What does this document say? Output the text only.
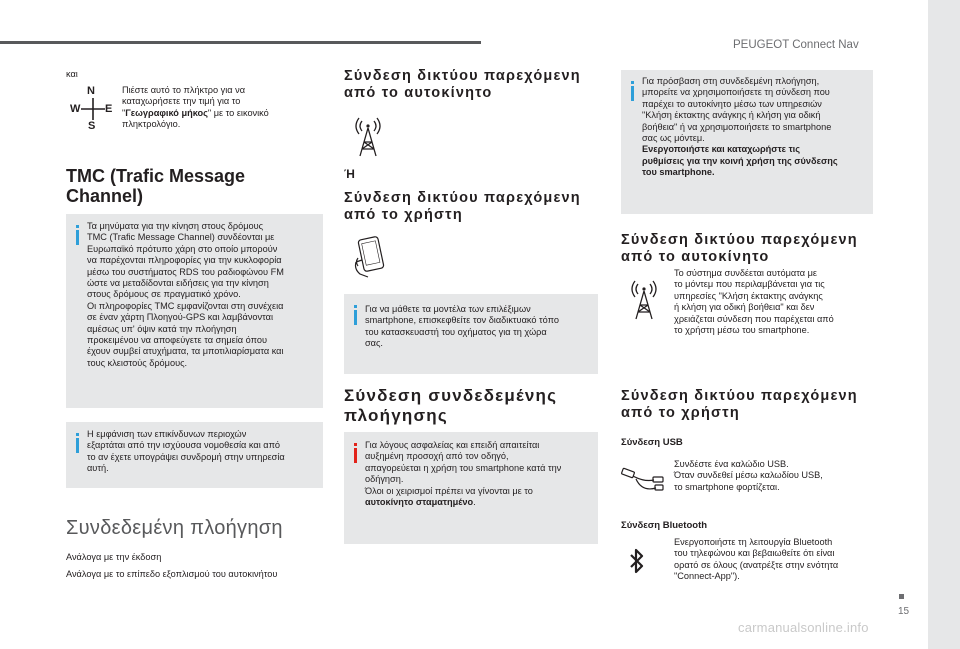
PEUGEOT Connect Nav
15
carmanualsonline.info
και
N
W E
S
Πιέστε αυτό το πλήκτρο για να
καταχωρήσετε την τιμή για το
"Γεωγραφικό μήκος" με το εικονικό
πληκτρολόγιο.
TMC (Trafic Message
Channel)
Τα μηνύματα για την κίνηση στους δρόμους
TMC (Trafic Message Channel) συνδέονται με
Ευρωπαϊκό πρότυπο χάρη στο οποίο μπορούν
να παρέχονται πληροφορίες για την κυκλοφορία
μέσω του συστήματος RDS του ραδιοφώνου FM
ώστε να μεταδίδονται ειδήσεις για την κίνηση
στους δρόμους σε πραγματικό χρόνο.
Οι πληροφορίες TMC εμφανίζονται στη συνέχεια
σε έναν χάρτη Πλοηγού-GPS και λαμβάνονται
αμέσως υπ' όψιν κατά την πλοήγηση
προκειμένου να αποφεύγετε τα σημεία όπου
έχουν συμβεί ατυχήματα, τα μποτιλιαρίσματα και
τους κλειστούς δρόμους.
Η εμφάνιση των επικίνδυνων περιοχών
εξαρτάται από την ισχύουσα νομοθεσία και από
το αν έχετε υπογράψει συνδρομή στην υπηρεσία
αυτή.
Συνδεδεμένη πλοήγηση
Ανάλογα με την έκδοση
Ανάλογα με το επίπεδο εξοπλισμού του αυτοκινήτου
Σύνδεση δικτύου παρεχόμενη
από το αυτοκίνητο
Ή
Σύνδεση δικτύου παρεχόμενη
από το χρήστη
Για να μάθετε τα μοντέλα των επιλέξιμων
smartphone, επισκεφθείτε τον διαδικτυακό τόπο
του κατασκευαστή του οχήματος για τη χώρα
σας.
Σύνδεση συνδεδεμένης
πλοήγησης
Για λόγους ασφαλείας και επειδή απαιτείται
αυξημένη προσοχή από τον οδηγό,
απαγορεύεται η χρήση του smartphone κατά την
οδήγηση.
Όλοι οι χειρισμοί πρέπει να γίνονται με το
αυτοκίνητο σταματημένο.
Για πρόσβαση στη συνδεδεμένη πλοήγηση,
μπορείτε να χρησιμοποιήσετε τη σύνδεση που
παρέχει το αυτοκίνητο μέσω των υπηρεσιών
"Κλήση έκτακτης ανάγκης ή κλήση για οδική
βοήθεια" ή να χρησιμοποιήσετε το smartphone
σας ως μόντεμ.
Ενεργοποιήστε και καταχωρήστε τις
ρυθμίσεις για την κοινή χρήση της σύνδεσης
του smartphone.
Σύνδεση δικτύου παρεχόμενη
από το αυτοκίνητο
Το σύστημα συνδέεται αυτόματα με
το μόντεμ που περιλαμβάνεται για τις
υπηρεσίες "Κλήση έκτακτης ανάγκης
ή κλήση για οδική βοήθεια" και δεν
χρειάζεται σύνδεση που παρέχεται από
το χρήστη μέσω του smartphone.
Σύνδεση δικτύου παρεχόμενη
από το χρήστη
Σύνδεση USB
Συνδέστε ένα καλώδιο USB.
Όταν συνδεθεί μέσω καλωδίου USB,
το smartphone φορτίζεται.
Σύνδεση Bluetooth
Ενεργοποιήστε τη λειτουργία Bluetooth
του τηλεφώνου και βεβαιωθείτε ότι είναι
ορατό σε όλους (ανατρέξτε στην ενότητα
"Connect-App").
